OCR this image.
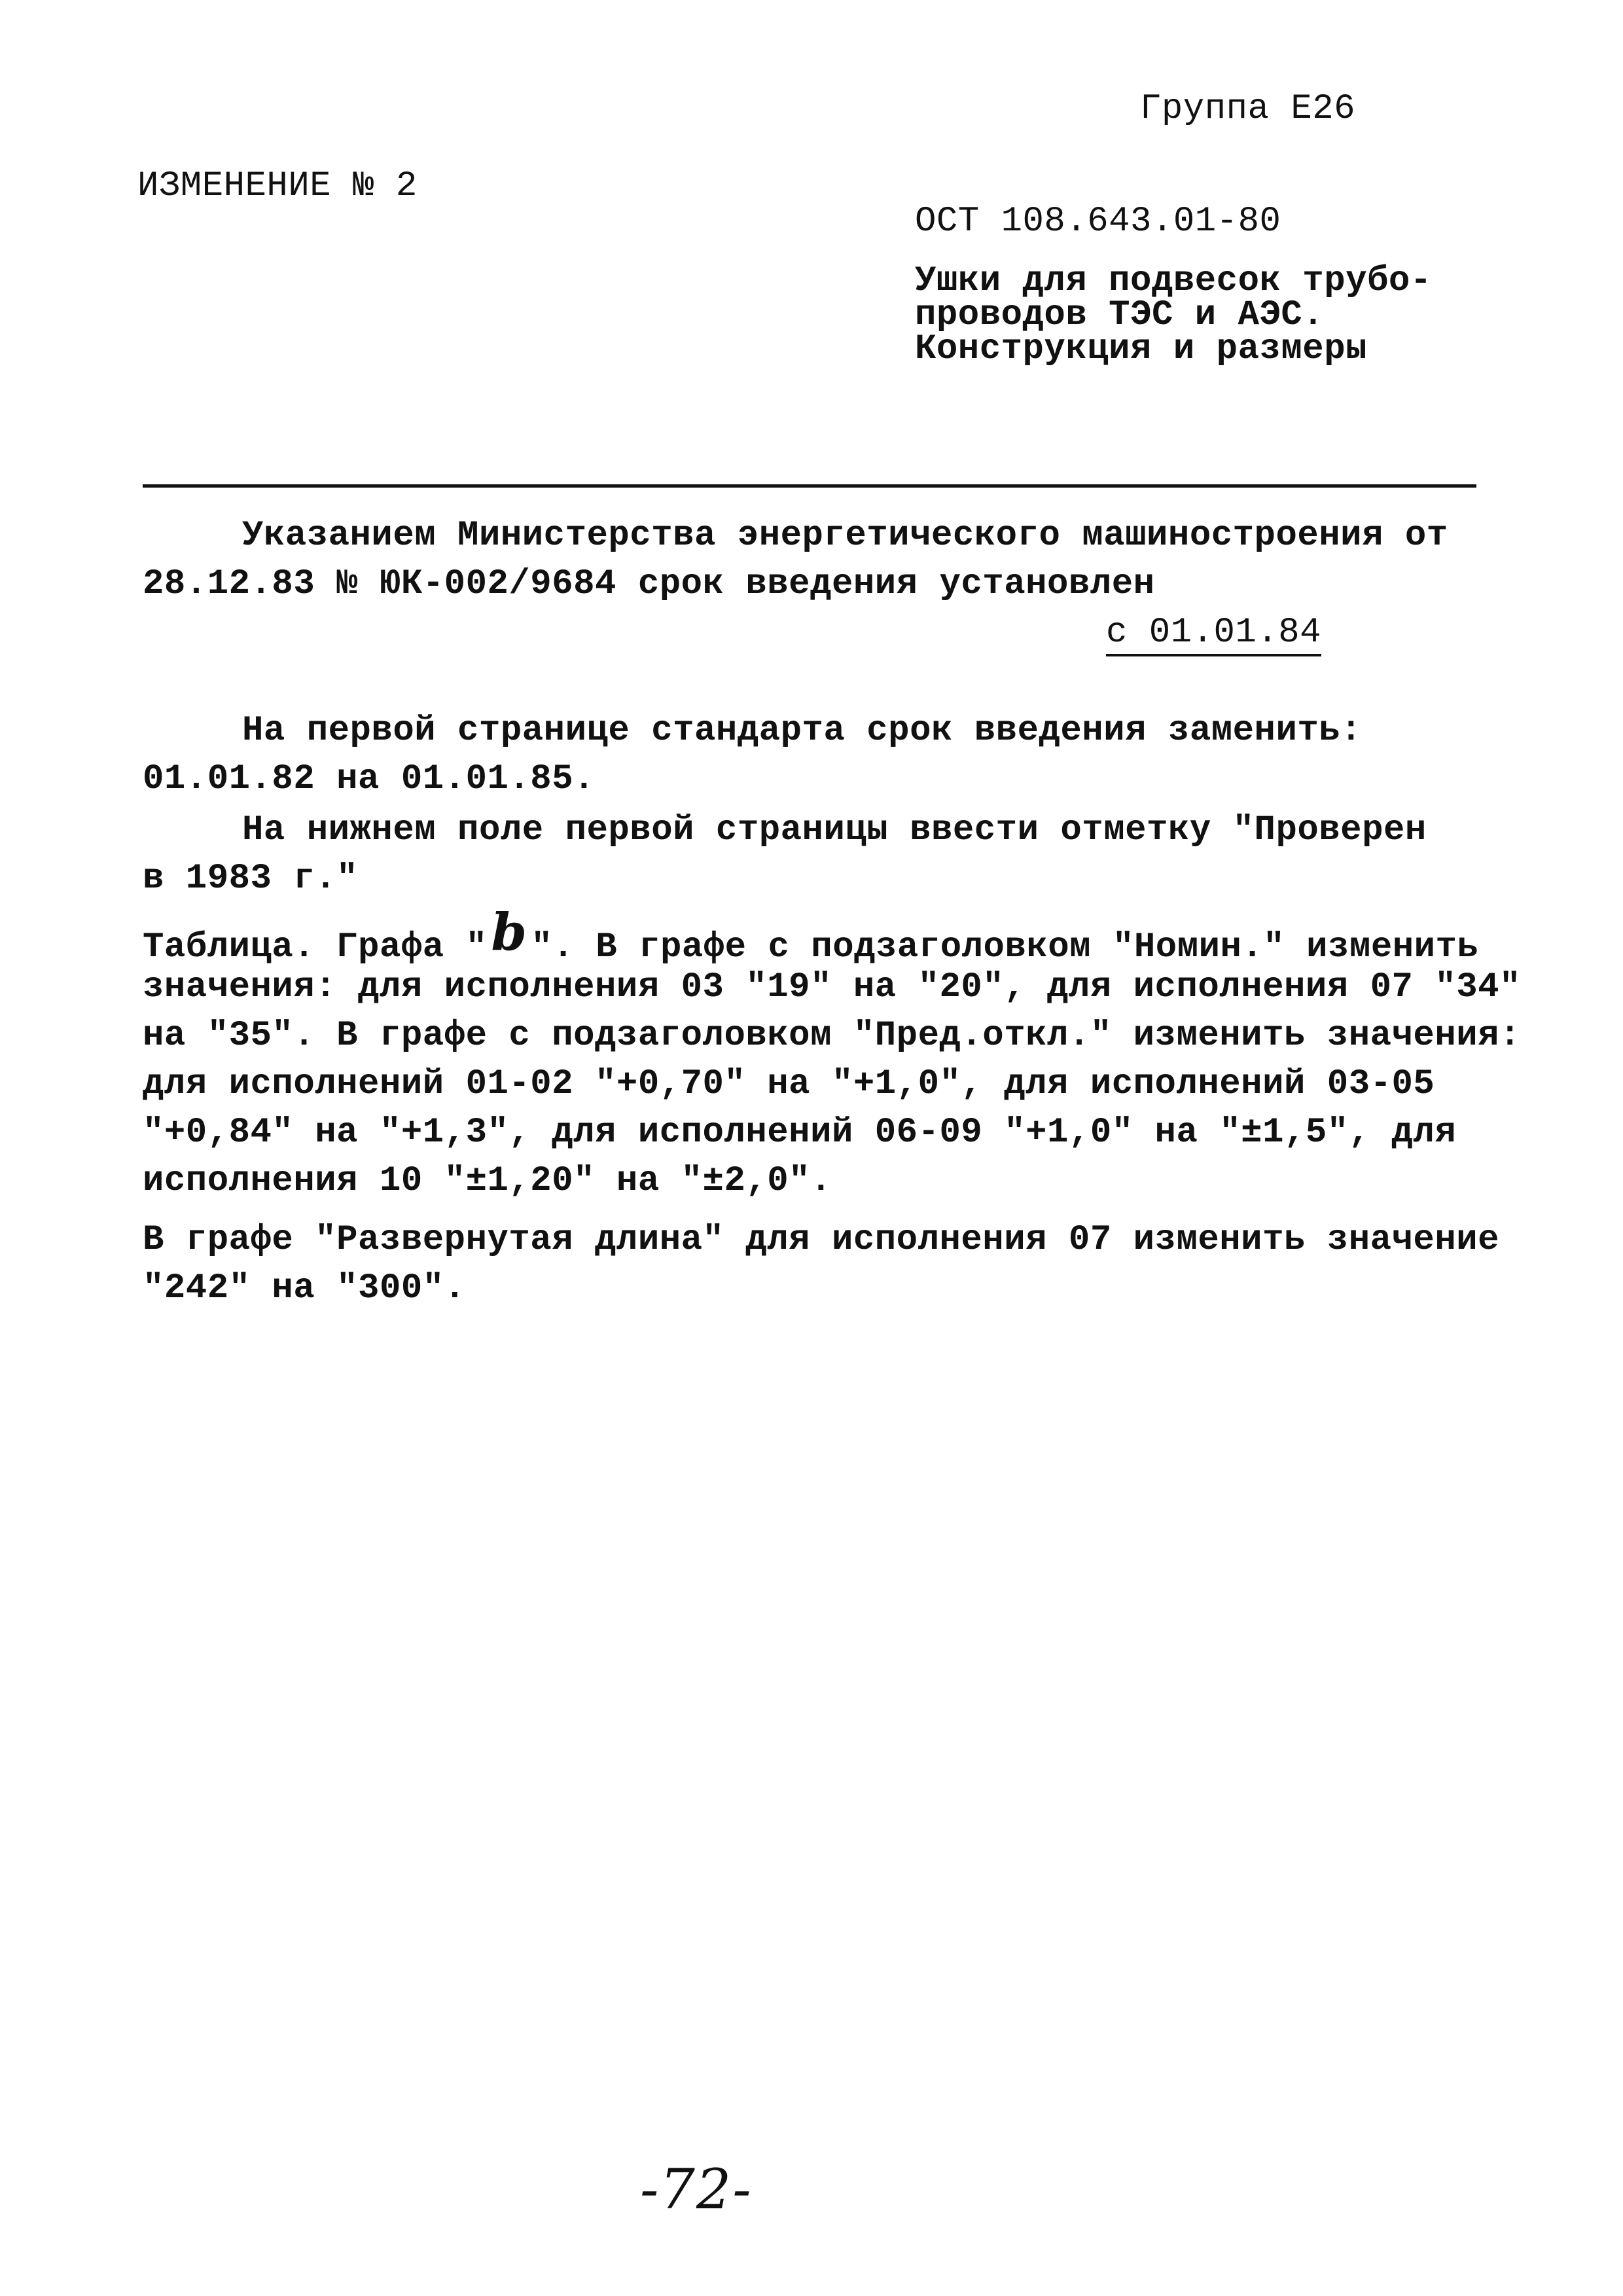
Группа Е26
ИЗМЕНЕНИЕ № 2
ОСТ 108.643.01-80
Ушки для подвесок трубо-
проводов ТЭС и АЭС.
Конструкция и размеры
Указанием Министерства энергетического машиностроения от
28.12.83 № ЮК-002/9684 срок введения установлен
с 01.01.84
На первой странице стандарта срок введения заменить:
01.01.82 на 01.01.85.
На нижнем поле первой страницы ввести отметку "Проверен
в 1983 г."
Таблица. Графа "b ". В графе с подзаголовком "Номин." изменить
значения: для исполнения 03 "19" на "20", для исполнения 07 "34"
на "35". В графе с подзаголовком "Пред.откл." изменить значения:
для исполнений 01-02 "+0,70" на "+1,0", для исполнений 03-05
"+0,84" на "+1,3", для исполнений 06-09 "+1,0" на "±1,5", для
исполнения 10 "±1,20" на "±2,0".
В графе "Развернутая длина" для исполнения 07 изменить значение
"242" на "300".
-72-
